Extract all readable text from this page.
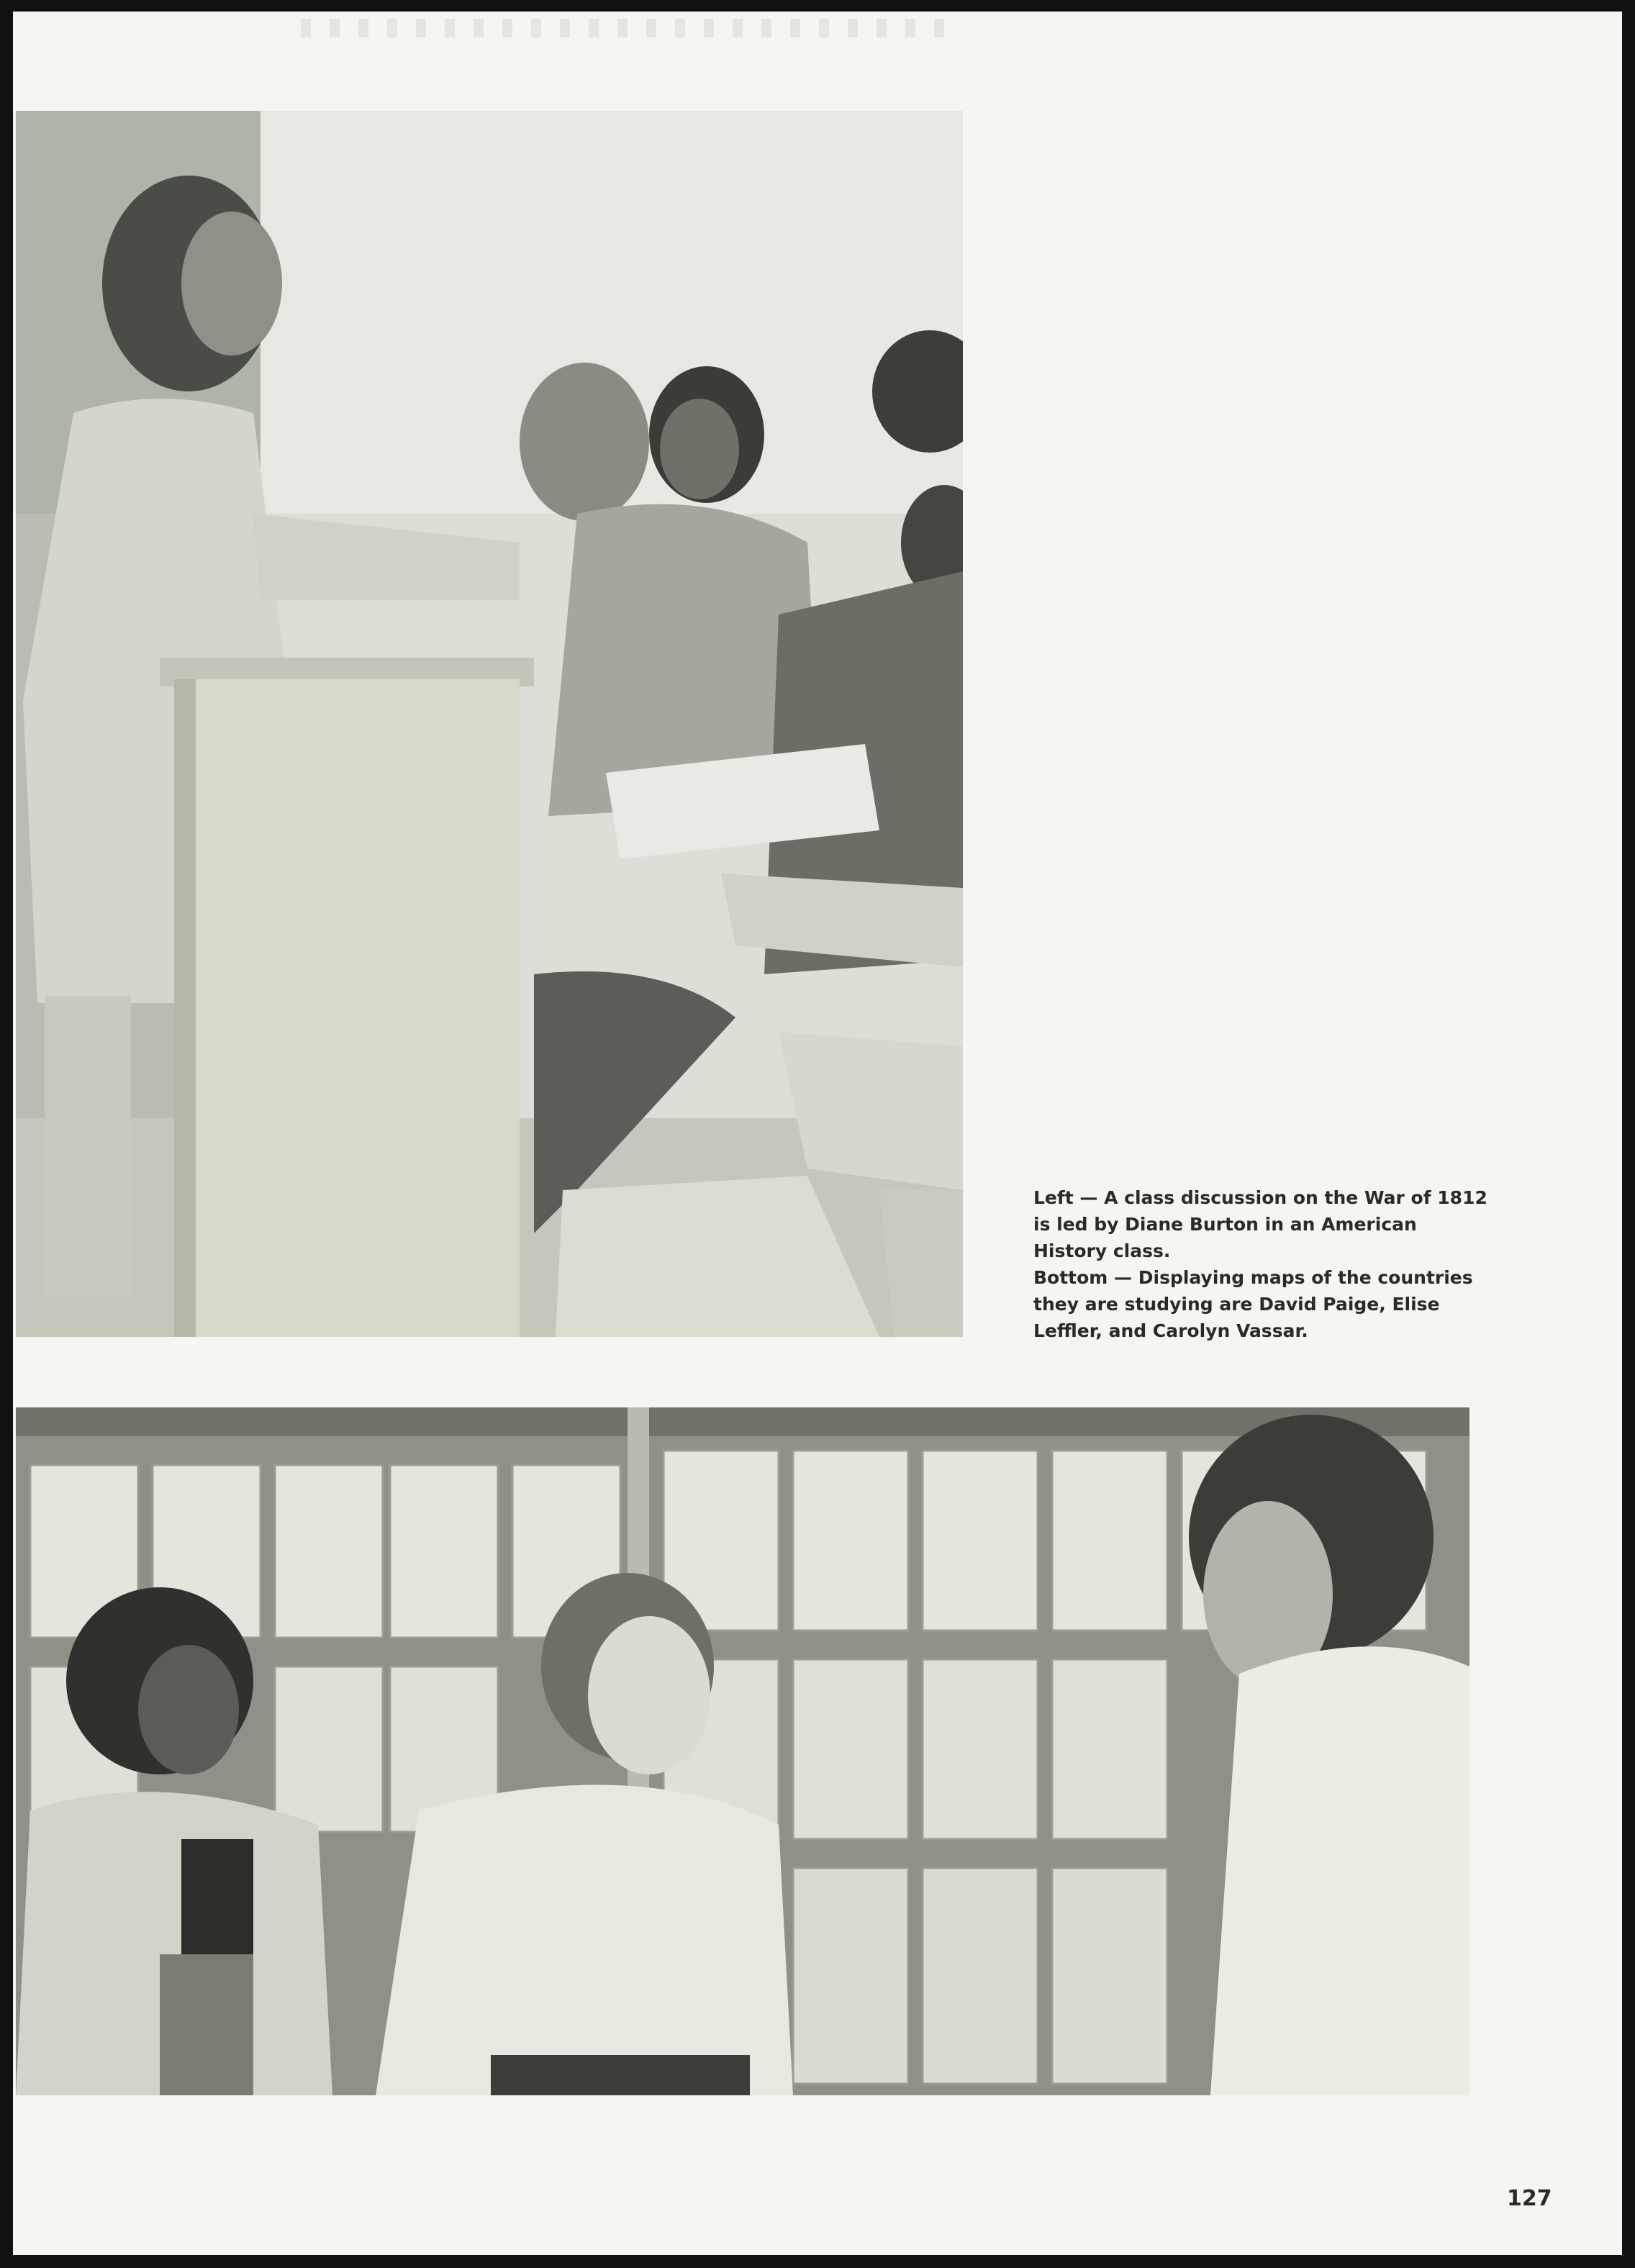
Left — A class discussion on the War of 1812 is led by Diane Burton in an American History class.

Bottom — Displaying maps of the countries they are studying are David Paige, Elise Leffler, and Carolyn Vassar.

127
